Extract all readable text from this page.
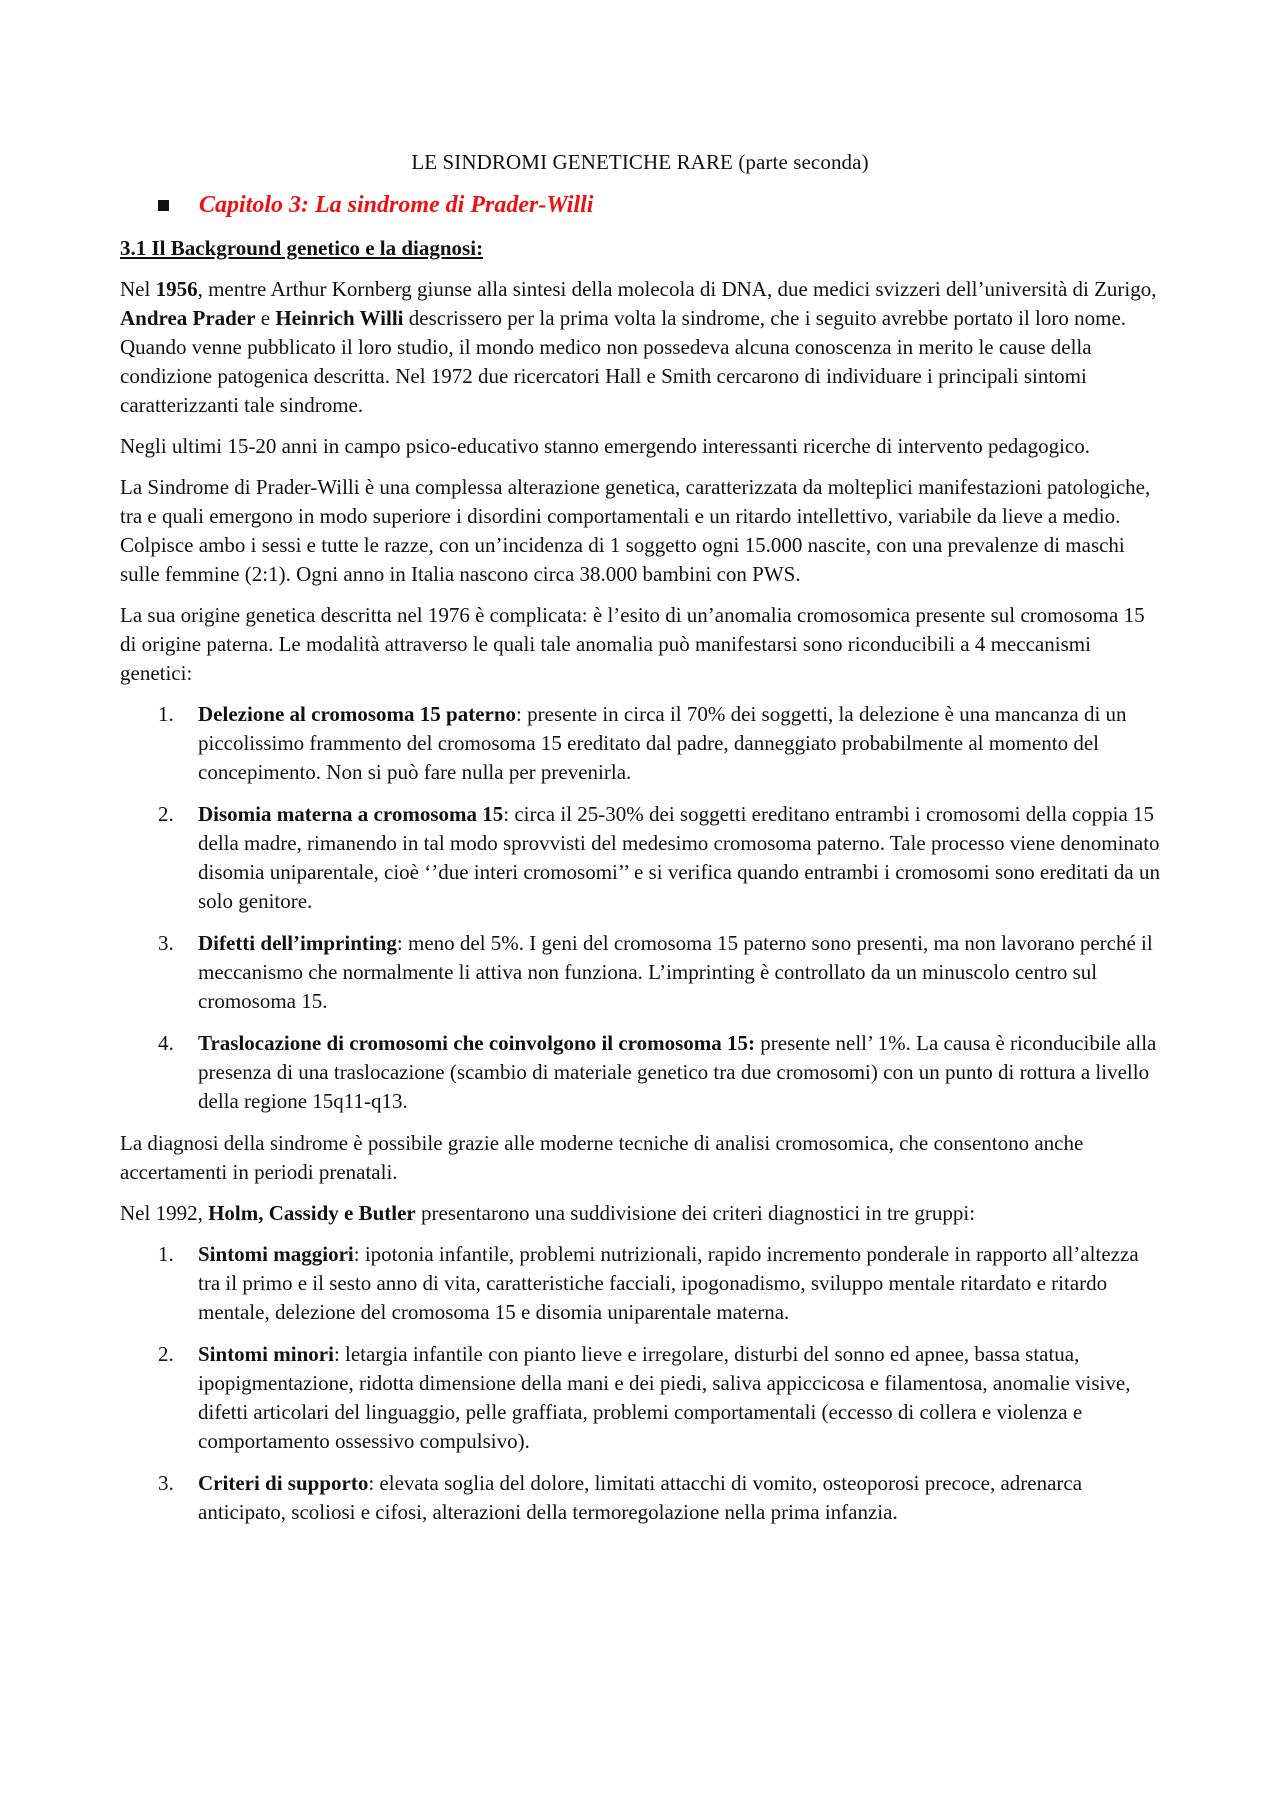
LE SINDROMI GENETICHE RARE (parte seconda)
Capitolo 3: La sindrome di Prader-Willi
3.1 Il Background genetico e la diagnosi:

Nel 1956, mentre Arthur Kornberg giunse alla sintesi della molecola di DNA, due medici svizzeri dell’università di Zurigo, Andrea Prader e Heinrich Willi descrissero per la prima volta la sindrome, che i seguito avrebbe portato il loro nome. Quando venne pubblicato il loro studio, il mondo medico non possedeva alcuna conoscenza in merito le cause della condizione patogenica descritta. Nel 1972 due ricercatori Hall e Smith cercarono di individuare i principali sintomi caratterizzanti tale sindrome.

Negli ultimi 15-20 anni in campo psico-educativo stanno emergendo interessanti ricerche di intervento pedagogico.

La Sindrome di Prader-Willi è una complessa alterazione genetica, caratterizzata da molteplici manifestazioni patologiche, tra e quali emergono in modo superiore i disordini comportamentali e un ritardo intellettivo, variabile da lieve a medio. Colpisce ambo i sessi e tutte le razze, con un’incidenza di 1 soggetto ogni 15.000 nascite, con una prevalenze di maschi sulle femmine (2:1). Ogni anno in Italia nascono circa 38.000 bambini con PWS.

La sua origine genetica descritta nel 1976 è complicata: è l’esito di un’anomalia cromosomica presente sul cromosoma 15 di origine paterna. Le modalità attraverso le quali tale anomalia può manifestarsi sono riconducibili a 4 meccanismi genetici:

1. Delezione al cromosoma 15 paterno: presente in circa il 70% dei soggetti, la delezione è una mancanza di un piccolissimo frammento del cromosoma 15 ereditato dal padre, danneggiato probabilmente al momento del concepimento. Non si può fare nulla per prevenirla.
2. Disomia materna a cromosoma 15: circa il 25-30% dei soggetti ereditano entrambi i cromosomi della coppia 15 della madre, rimanendo in tal modo sprovvisti del medesimo cromosoma paterno. Tale processo viene denominato disomia uniparentale, cioè ‘’due interi cromosomi’’ e si verifica quando entrambi i cromosomi sono ereditati da un solo genitore.
3. Difetti dell’imprinting: meno del 5%. I geni del cromosoma 15 paterno sono presenti, ma non lavorano perché il meccanismo che normalmente li attiva non funziona. L’imprinting è controllato da un minuscolo centro sul cromosoma 15.
4. Traslocazione di cromosomi che coinvolgono il cromosoma 15: presente nell’ 1%. La causa è riconducibile alla presenza di una traslocazione (scambio di materiale genetico tra due cromosomi) con un punto di rottura a livello della regione 15q11-q13.

La diagnosi della sindrome è possibile grazie alle moderne tecniche di analisi cromosomica, che consentono anche accertamenti in periodi prenatali.

Nel 1992, Holm, Cassidy e Butler presentarono una suddivisione dei criteri diagnostici in tre gruppi:

1. Sintomi maggiori: ipotonia infantile, problemi nutrizionali, rapido incremento ponderale in rapporto all’altezza tra il primo e il sesto anno di vita, caratteristiche facciali, ipogonadismo, sviluppo mentale ritardato e ritardo mentale, delezione del cromosoma 15 e disomia uniparentale materna.
2. Sintomi minori: letargia infantile con pianto lieve e irregolare, disturbi del sonno ed apnee, bassa statua, ipopigmentazione, ridotta dimensione della mani e dei piedi, saliva appiccicosa e filamentosa, anomalie visive, difetti articolari del linguaggio, pelle graffiata, problemi comportamentali (eccesso di collera e violenza e comportamento ossessivo compulsivo).
3. Criteri di supporto: elevata soglia del dolore, limitati attacchi di vomito, osteoporosi precoce, adrenarca anticipato, scoliosi e cifosi, alterazioni della termoregolazione nella prima infanzia.
